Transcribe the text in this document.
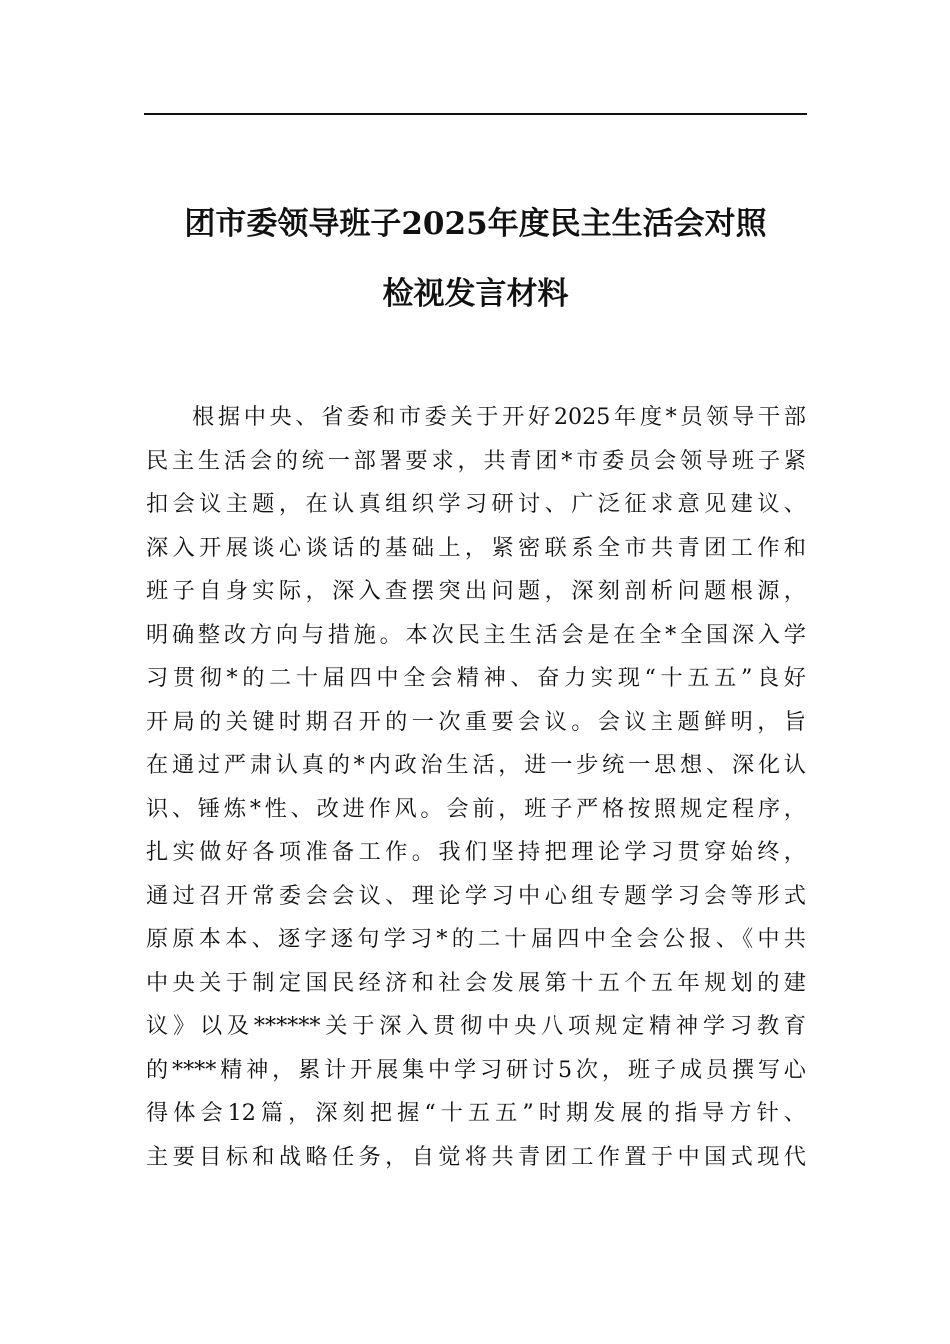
团市委领导班子2025年度民主生活会对照
检视发言材料

根据中央、省委和市委关于开好2025年度*员领导干部
民主生活会的统一部署要求，共青团*市委员会领导班子紧
扣会议主题，在认真组织学习研讨、广泛征求意见建议、
深入开展谈心谈话的基础上，紧密联系全市共青团工作和
班子自身实际，深入查摆突出问题，深刻剖析问题根源，
明确整改方向与措施。本次民主生活会是在全*全国深入学
习贯彻*的二十届四中全会精神、奋力实现“十五五”良好
开局的关键时期召开的一次重要会议。会议主题鲜明，旨
在通过严肃认真的*内政治生活，进一步统一思想、深化认
识、锤炼*性、改进作风。会前，班子严格按照规定程序，
扎实做好各项准备工作。我们坚持把理论学习贯穿始终，
通过召开常委会会议、理论学习中心组专题学习会等形式
原原本本、逐字逐句学习*的二十届四中全会公报、《中共
中央关于制定国民经济和社会发展第十五个五年规划的建
议》以及******关于深入贯彻中央八项规定精神学习教育
的****精神，累计开展集中学习研讨5次，班子成员撰写心
得体会12篇，深刻把握“十五五”时期发展的指导方针、
主要目标和战略任务，自觉将共青团工作置于中国式现代
